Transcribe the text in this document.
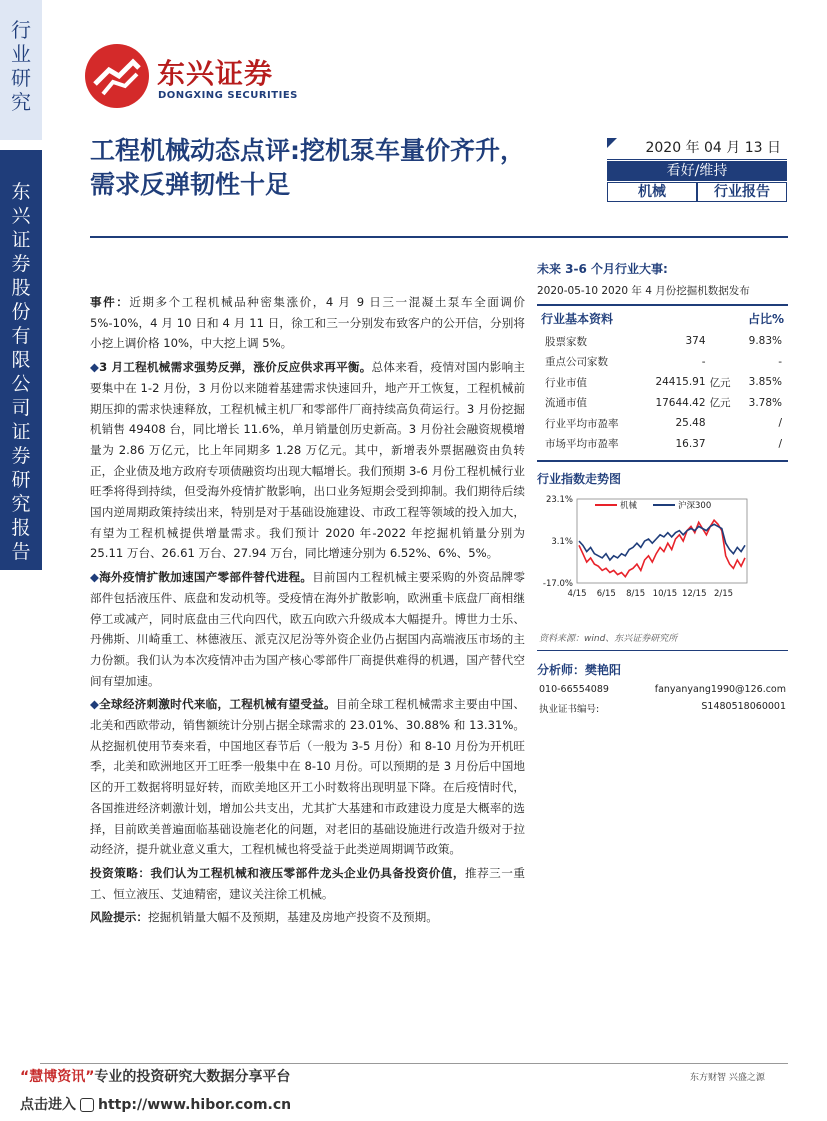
行业研究
东兴证券股份有限公司证券研究报告
东兴证券
DONGXING SECURITIES
工程机械动态点评:挖机泵车量价齐升，需求反弹韧性十足
2020 年 04 月 13 日
看好/维持
机械	行业报告

事件：近期多个工程机械品种密集涨价，4 月 9 日三一混凝土泵车全面调价 5%-10%，4 月 10 日和 4 月 11 日，徐工和三一分别发布致客户的公开信，分别将小挖上调价格 10%，中大挖上调 5%。

◆3 月工程机械需求强势反弹，涨价反应供求再平衡。总体来看，疫情对国内影响主要集中在 1-2 月份，3 月份以来随着基建需求快速回升，地产开工恢复，工程机械前期压抑的需求快速释放，工程机械主机厂和零部件厂商持续高负荷运行。3 月份挖掘机销售 49408 台，同比增长 11.6%，单月销量创历史新高。3 月份社会融资规模增量为 2.86 万亿元，比上年同期多 1.28 万亿元。其中，新增表外票据融资由负转正，企业债及地方政府专项债融资均出现大幅增长。我们预期 3-6 月份工程机械行业旺季将得到持续，但受海外疫情扩散影响，出口业务短期会受到抑制。我们期待后续国内逆周期政策持续出来，特别是对于基础设施建设、市政工程等领域的投入加大，有望为工程机械提供增量需求。我们预计 2020 年-2022 年挖掘机销量分别为 25.11 万台、26.61 万台、27.94 万台，同比增速分别为 6.52%、6%、5%。

◆海外疫情扩散加速国产零部件替代进程。目前国内工程机械主要采购的外资品牌零部件包括液压件、底盘和发动机等。受疫情在海外扩散影响，欧洲重卡底盘厂商相继停工或减产，同时底盘由三代向四代，欧五向欧六升级成本大幅提升。博世力士乐、丹佛斯、川崎重工、林德液压、派克汉尼汾等外资企业仍占据国内高端液压市场的主力份额。我们认为本次疫情冲击为国产核心零部件厂商提供难得的机遇，国产替代空间有望加速。

◆全球经济刺激时代来临，工程机械有望受益。目前全球工程机械需求主要由中国、北美和西欧带动，销售额统计分别占据全球需求的 23.01%、30.88% 和 13.31%。从挖掘机使用节奏来看，中国地区春节后（一般为 3-5 月份）和 8-10 月份为开机旺季，北美和欧洲地区开工旺季一般集中在 8-10 月份。可以预期的是 3 月份后中国地区的开工数据将明显好转，而欧美地区开工小时数将出现明显下降。在后疫情时代，各国推进经济刺激计划，增加公共支出，尤其扩大基建和市政建设力度是大概率的选择，目前欧美普遍面临基础设施老化的问题，对老旧的基础设施进行改造升级对于拉动经济，提升就业意义重大，工程机械也将受益于此类逆周期调节政策。

投资策略：我们认为工程机械和液压零部件龙头企业仍具备投资价值，推荐三一重工、恒立液压、艾迪精密，建议关注徐工机械。

风险提示：挖掘机销量大幅不及预期，基建及房地产投资不及预期。

未来 3-6 个月行业大事:
2020-05-10 2020 年 4 月份挖掘机数据发布
行业基本资料	占比%
股票家数	374		9.83%
重点公司家数	-		-
行业市值	24415.91	亿元	3.85%
流通市值	17644.42	亿元	3.78%
行业平均市盈率	25.48		/
市场平均市盈率	16.37		/
行业指数走势图
23.1%
3.1%
-17.0%
4/15 6/15 8/15 10/15 12/15 2/15
机械	沪深300
资料来源：wind、东兴证券研究所
分析师：樊艳阳
010-66554089	fanyanyang1990@126.com
执业证书编号:	S1480518060001
“慧博资讯”专业的投资研究大数据分享平台	东方财智 兴盛之源
点击进入 http://www.hibor.com.cn
